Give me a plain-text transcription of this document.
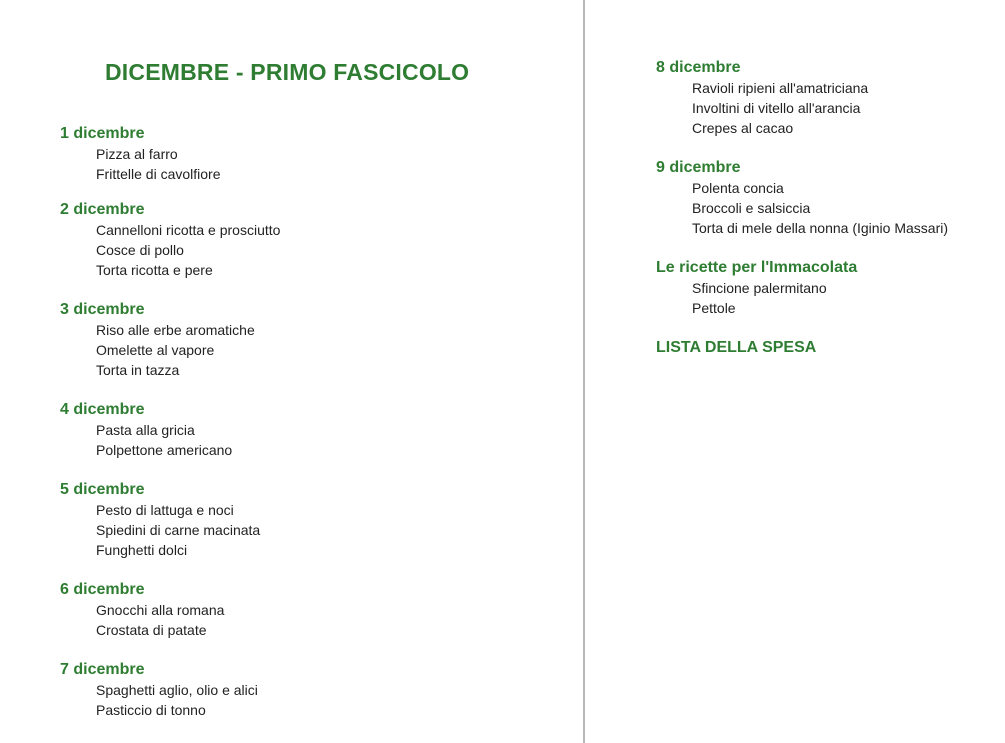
DICEMBRE - PRIMO FASCICOLO
1 dicembre
Pizza al farro
Frittelle di cavolfiore
2 dicembre
Cannelloni ricotta e prosciutto
Cosce di pollo
Torta ricotta e pere
3 dicembre
Riso alle erbe aromatiche
Omelette al vapore
Torta in tazza
4 dicembre
Pasta alla gricia
Polpettone americano
5 dicembre
Pesto di lattuga e noci
Spiedini di carne macinata
Funghetti dolci
6 dicembre
Gnocchi alla romana
Crostata di patate
7 dicembre
Spaghetti aglio, olio e alici
Pasticcio di tonno
8 dicembre
Ravioli ripieni all'amatriciana
Involtini di vitello all'arancia
Crepes al cacao
9 dicembre
Polenta concia
Broccoli e salsiccia
Torta di mele della nonna (Iginio Massari)
Le ricette per l'Immacolata
Sfincione palermitano
Pettole
LISTA DELLA SPESA
